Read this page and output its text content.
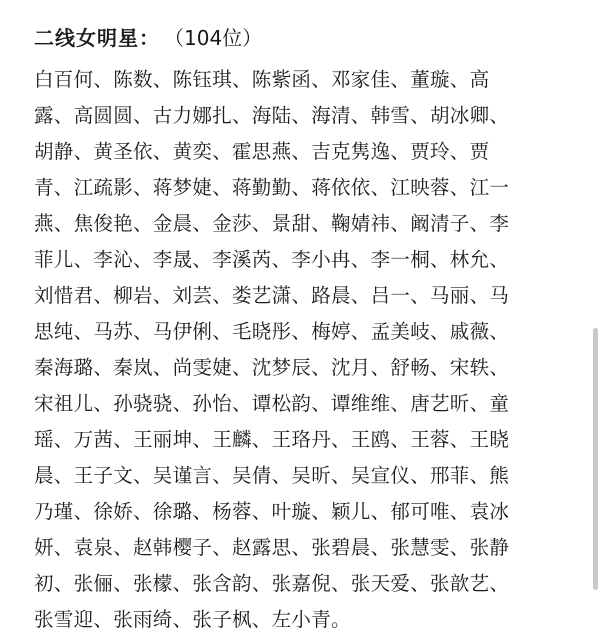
二线女明星： （104位）
白百何、陈数、陈钰琪、陈紫函、邓家佳、董璇、高
露、高圆圆、古力娜扎、海陆、海清、韩雪、胡冰卿、
胡静、黄圣依、黄奕、霍思燕、吉克隽逸、贾玲、贾
青、江疏影、蒋梦婕、蒋勤勤、蒋依依、江映蓉、江一
燕、焦俊艳、金晨、金莎、景甜、鞠婧祎、阚清子、李
菲儿、李沁、李晟、李溪芮、李小冉、李一桐、林允、
刘惜君、柳岩、刘芸、娄艺潇、路晨、吕一、马丽、马
思纯、马苏、马伊俐、毛晓彤、梅婷、孟美岐、戚薇、
秦海璐、秦岚、尚雯婕、沈梦辰、沈月、舒畅、宋轶、
宋祖儿、孙骁骁、孙怡、谭松韵、谭维维、唐艺昕、童
瑶、万茜、王丽坤、王麟、王珞丹、王鸥、王蓉、王晓
晨、王子文、吴谨言、吴倩、吴昕、吴宣仪、邢菲、熊
乃瑾、徐娇、徐璐、杨蓉、叶璇、颖儿、郁可唯、袁冰
妍、袁泉、赵韩樱子、赵露思、张碧晨、张慧雯、张静
初、张俪、张檬、张含韵、张嘉倪、张天爱、张歆艺、
张雪迎、张雨绮、张子枫、左小青。
